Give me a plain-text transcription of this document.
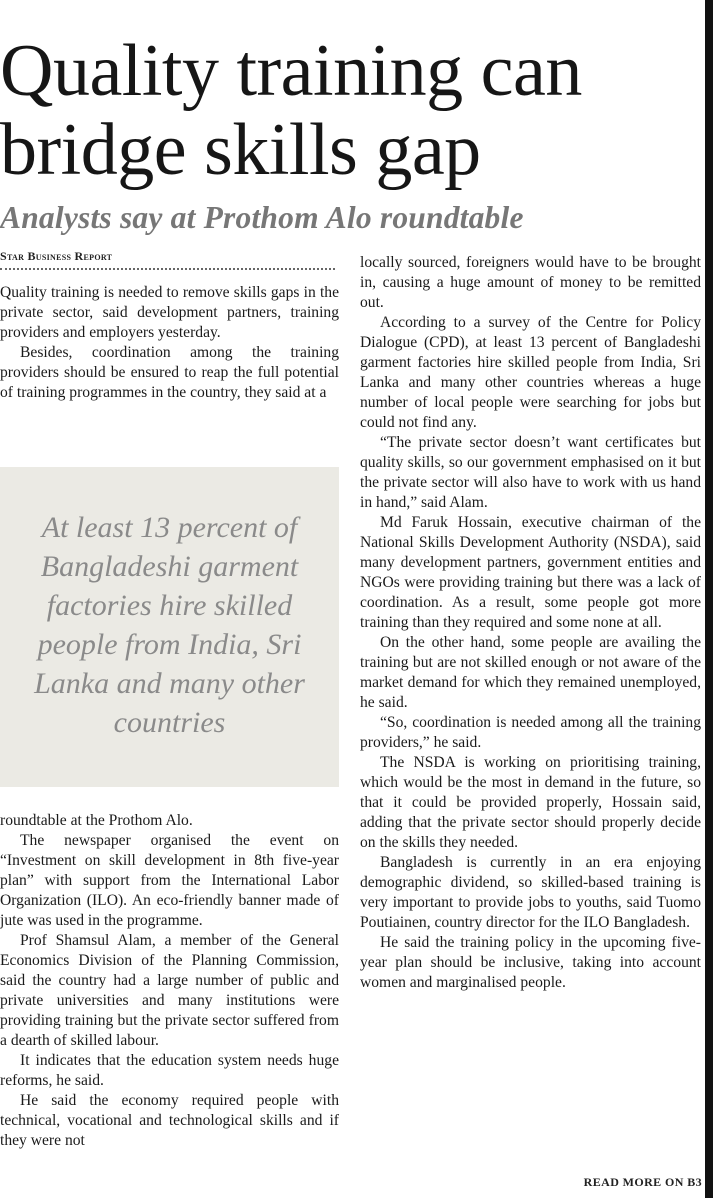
Quality training can bridge skills gap
Analysts say at Prothom Alo roundtable
Star Business Report

Quality training is needed to remove skills gaps in the private sector, said development partners, training providers and employers yesterday.

Besides, coordination among the training providers should be ensured to reap the full potential of training programmes in the country, they said at a

At least 13 percent of Bangladeshi garment factories hire skilled people from India, Sri Lanka and many other countries

roundtable at the Prothom Alo.

The newspaper organised the event on “Investment on skill development in 8th five-year plan” with support from the International Labor Organization (ILO). An eco-friendly banner made of jute was used in the programme.

Prof Shamsul Alam, a member of the General Economics Division of the Planning Commission, said the country had a large number of public and private universities and many institutions were providing training but the private sector suffered from a dearth of skilled labour.

It indicates that the education system needs huge reforms, he said.

He said the economy required people with technical, vocational and technological skills and if they were not

locally sourced, foreigners would have to be brought in, causing a huge amount of money to be remitted out.

According to a survey of the Centre for Policy Dialogue (CPD), at least 13 percent of Bangladeshi garment factories hire skilled people from India, Sri Lanka and many other countries whereas a huge number of local people were searching for jobs but could not find any.

“The private sector doesn’t want certificates but quality skills, so our government emphasised on it but the private sector will also have to work with us hand in hand,” said Alam.

Md Faruk Hossain, executive chairman of the National Skills Development Authority (NSDA), said many development partners, government entities and NGOs were providing training but there was a lack of coordination. As a result, some people got more training than they required and some none at all.

On the other hand, some people are availing the training but are not skilled enough or not aware of the market demand for which they remained unemployed, he said.

“So, coordination is needed among all the training providers,” he said.

The NSDA is working on prioritising training, which would be the most in demand in the future, so that it could be provided properly, Hossain said, adding that the private sector should properly decide on the skills they needed.

Bangladesh is currently in an era enjoying demographic dividend, so skilled-based training is very important to provide jobs to youths, said Tuomo Poutiainen, country director for the ILO Bangladesh.

He said the training policy in the upcoming five-year plan should be inclusive, taking into account women and marginalised people.

READ MORE ON B3
